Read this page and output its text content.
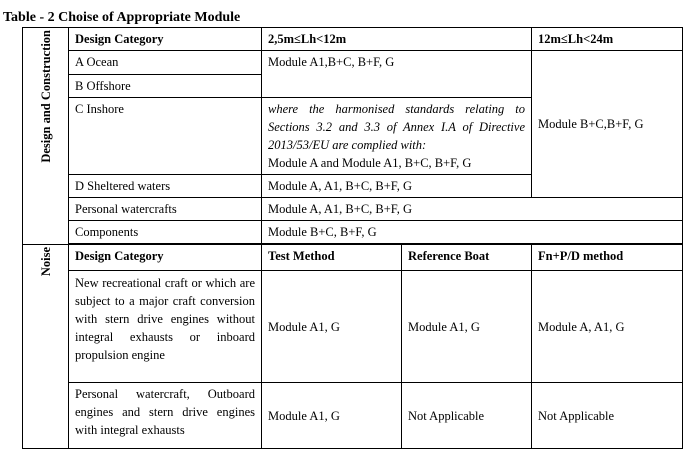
Table - 2 Choise of Appropriate Module
Design and Construction	Design Category	2,5m≤Lh<12m		12m≤Lh<24m
	A Ocean	Module A1,B+C, B+F, G		Module B+C,B+F, G
	B Offshore			
	C Inshore	where the harmonised standards relating to Sections 3.2 and 3.3 of Annex I.A of Directive 2013/53/EU are complied with:
Module A and Module A1, B+C, B+F, G		

	D Sheltered waters	Module A, A1, B+C, B+F, G		
	Personal watercrafts	Module A, A1, B+C, B+F, G		
	Components	Module B+C, B+F, G		

Noise	Design Category	Test Method	Reference Boat	Fn+P/D method
	New recreational craft or which are subject to a major craft conversion with stern drive engines without integral exhausts or inboard propulsion engine	Module A1, G	Module A1, G	Module A, A1, G
	Personal watercraft, Outboard engines and stern drive engines with integral exhausts	Module A1, G	Not Applicable	Not Applicable
